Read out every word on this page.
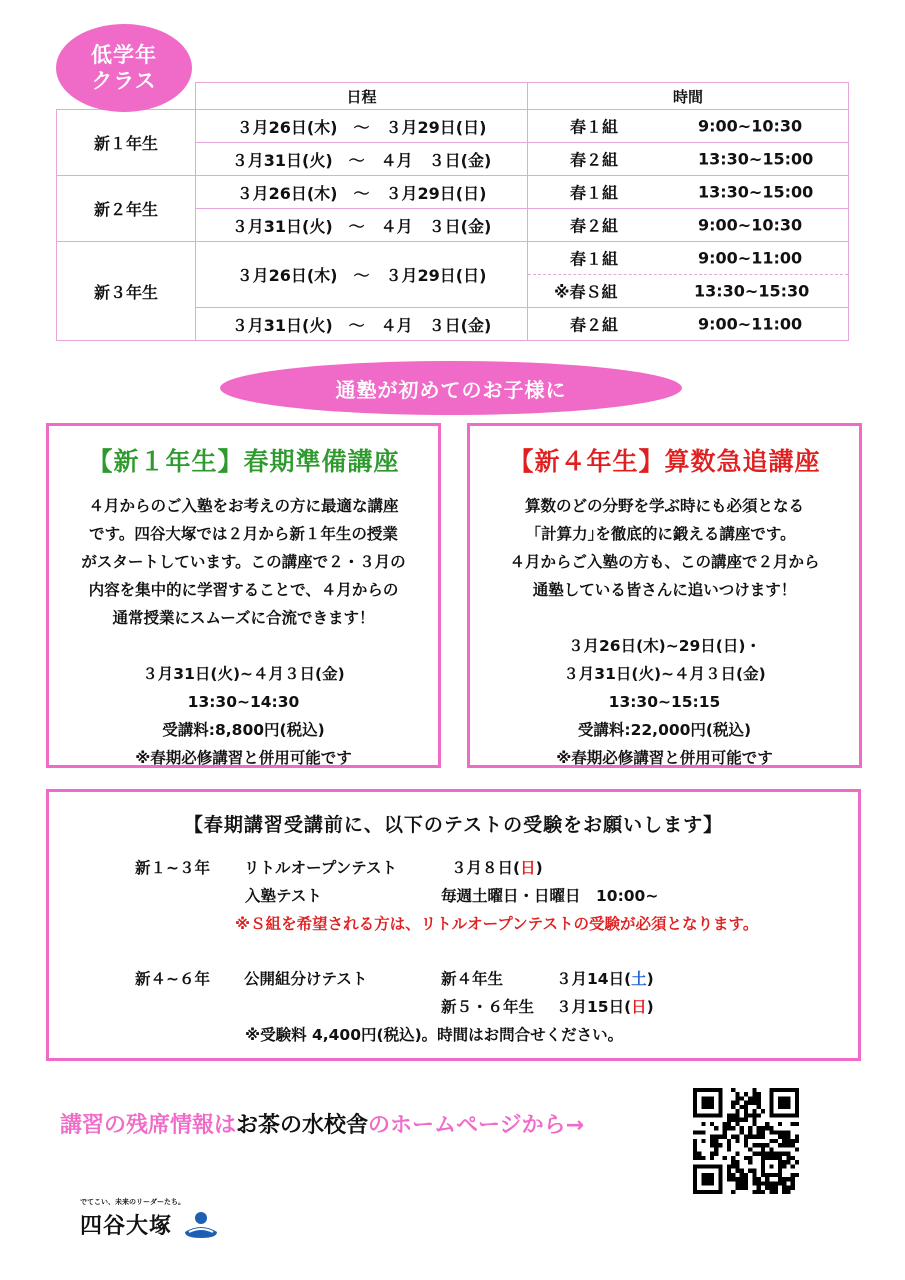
低学年
クラス
	日程	時間
新１年生	３月26日(木)　～　３月29日(日)	春１組 9:00~10:30

	３月31日(火)　～　４月　３日(金)	春２組 13:30~15:00

新２年生	３月26日(木)　～　３月29日(日)	春１組 13:30~15:00

	３月31日(火)　～　４月　３日(金)	春２組 9:00~10:30

新３年生	３月26日(木)　～　３月29日(日)	春１組 9:00~11:00

		※春Ｓ組 13:30~15:30

	３月31日(火)　～　４月　３日(金)	春２組 9:00~11:00
通塾が初めてのお子様に
【新１年生】春期準備講座

４月からのご入塾をお考えの方に最適な講座

です。四谷大塚では２月から新１年生の授業

がスタートしています。この講座で２・３月の

内容を集中的に学習することで、４月からの

通常授業にスムーズに合流できます！

３月31日(火)~４月３日(金)

13:30~14:30

受講料:8,800円(税込)

※春期必修講習と併用可能です

【新４年生】算数急追講座

算数のどの分野を学ぶ時にも必須となる

｢計算力｣を徹底的に鍛える講座です。

４月からご入塾の方も、この講座で２月から

通塾している皆さんに追いつけます！

３月26日(木)~29日(日)・

３月31日(火)~４月３日(金)

13:30~15:15

受講料:22,000円(税込)

※春期必修講習と併用可能です

【春期講習受講前に、以下のテストの受験をお願いします】
新１~３年 リトルオープンテスト	３月８日(日)
入塾テスト	毎週土曜日・日曜日　10:00~
※Ｓ組を希望される方は、リトルオープンテストの受験が必須となります。
新４~６年 公開組分けテスト	新４年生	３月14日(土)
新５・６年生 ３月15日(日)
※受験料 4,400円(税込)。時間はお問合せください。
講習の残席情報はお茶の水校舎のホームページから→
でてこい、未来のリーダーたち。
四谷大塚
